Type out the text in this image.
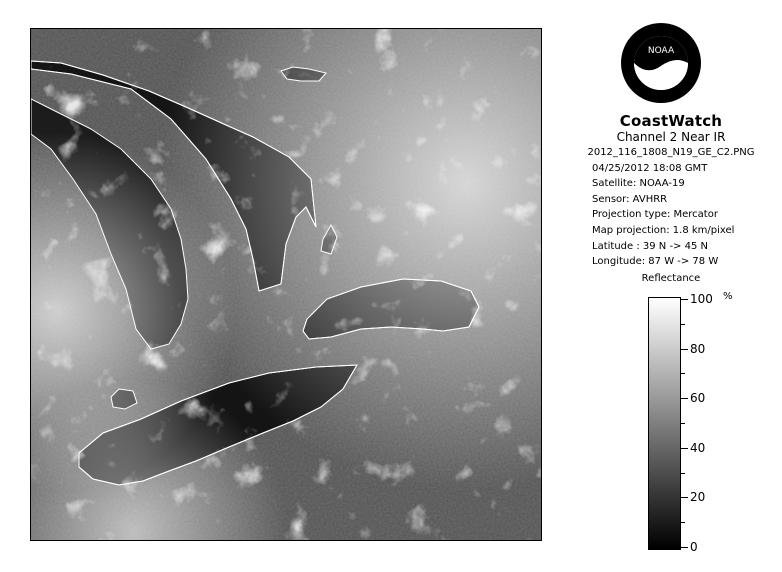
NOAA
CoastWatch
Channel 2 Near IR
2012_116_1808_N19_GE_C2.PNG
04/25/2012 18:08 GMT
Satellite: NOAA-19
Sensor: AVHRR
Projection type: Mercator
Map projection: 1.8 km/pixel
Latitude : 39 N -> 45 N
Longitude: 87 W -> 78 W
Reflectance
%
100
80
60
40
20
0
